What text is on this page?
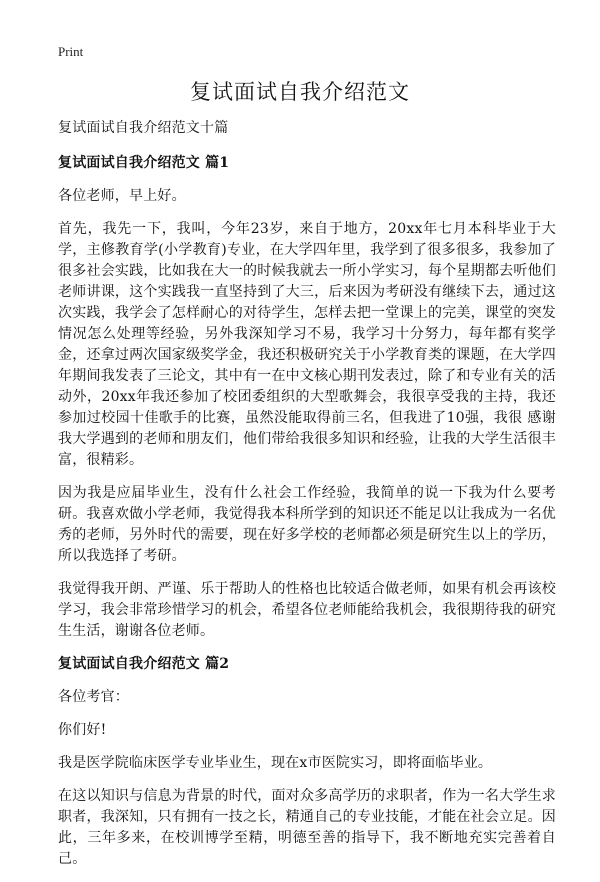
Print
复试面试自我介绍范文

复试面试自我介绍范文十篇

复试面试自我介绍范文 篇1

各位老师，早上好。

首先，我先一下，我叫，今年23岁，来自于地方，20xx年七月本科毕业于大学，主修教育学(小学教育)专业，在大学四年里，我学到了很多很多，我参加了很多社会实践，比如我在大一的时候我就去一所小学实习，每个星期都去听他们老师讲课，这个实践我一直坚持到了大三，后来因为考研没有继续下去，通过这次实践，我学会了怎样耐心的对待学生，怎样去把一堂课上的完美，课堂的突发情况怎么处理等经验，另外我深知学习不易，我学习十分努力，每年都有奖学金，还拿过两次国家级奖学金，我还积极研究关于小学教育类的课题，在大学四年期间我发表了三论文，其中有一在中文核心期刊发表过，除了和专业有关的活动外，20xx年我还参加了校团委组织的大型歌舞会，我很享受我的主持，我还参加过校园十佳歌手的比赛，虽然没能取得前三名，但我进了10强，我很 感谢我大学遇到的老师和朋友们，他们带给我很多知识和经验，让我的大学生活很丰富，很精彩。

因为我是应届毕业生，没有什么社会工作经验，我简单的说一下我为什么要考研。我喜欢做小学老师，我觉得我本科所学到的知识还不能足以让我成为一名优秀的老师，另外时代的需要，现在好多学校的老师都必须是研究生以上的学历，所以我选择了考研。

我觉得我开朗、严谨、乐于帮助人的性格也比较适合做老师，如果有机会再该校学习，我会非常珍惜学习的机会，希望各位老师能给我机会，我很期待我的研究生生活，谢谢各位老师。

复试面试自我介绍范文 篇2

各位考官：

你们好!

我是医学院临床医学专业毕业生，现在x市医院实习，即将面临毕业。

在这以知识与信息为背景的时代，面对众多高学历的求职者，作为一名大学生求职者，我深知，只有拥有一技之长，精通自己的专业技能，才能在社会立足。因此，三年多来，在校训博学至精，明德至善的指导下，我不断地充实完善着自己。
